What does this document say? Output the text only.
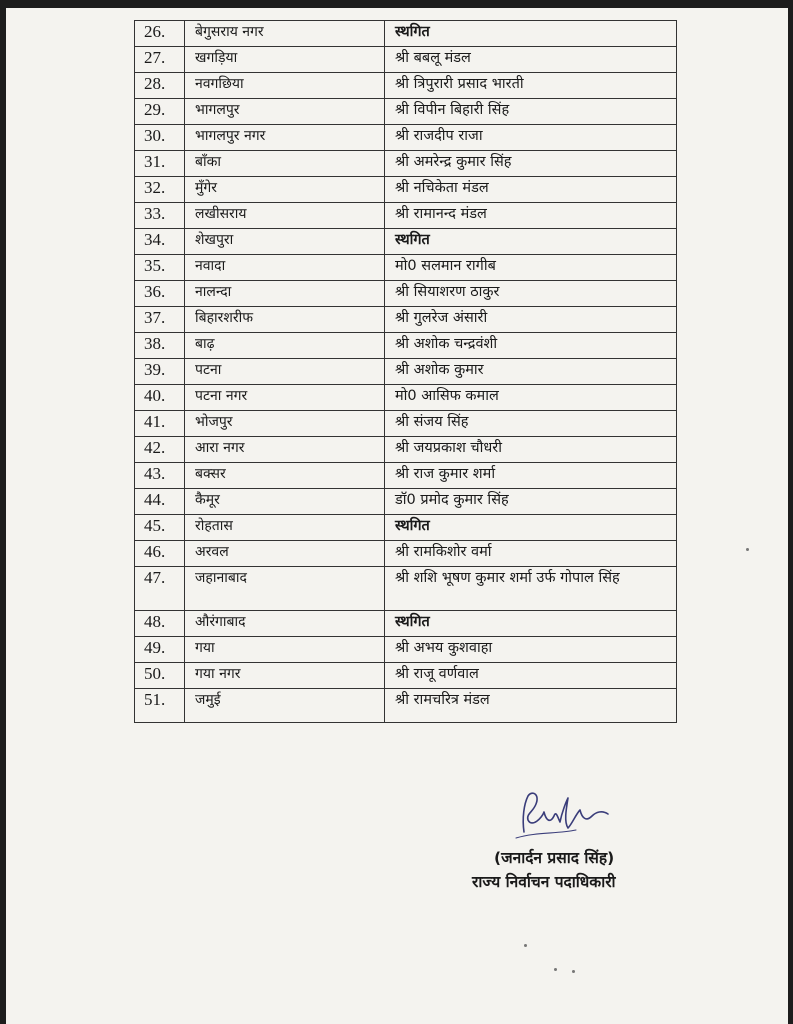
26.	बेगुसराय नगर	स्थगित
27.	खगड़िया	श्री बबलू मंडल
28.	नवगछिया	श्री त्रिपुरारी प्रसाद भारती
29.	भागलपुर	श्री विपीन बिहारी सिंह
30.	भागलपुर नगर	श्री राजदीप राजा
31.	बाँका	श्री अमरेन्द्र कुमार सिंह
32.	मुँगेर	श्री नचिकेता मंडल
33.	लखीसराय	श्री रामानन्द मंडल
34.	शेखपुरा	स्थगित
35.	नवादा	मो0 सलमान रागीब
36.	नालन्दा	श्री सियाशरण ठाकुर
37.	बिहारशरीफ	श्री गुलरेज अंसारी
38.	बाढ़	श्री अशोक चन्द्रवंशी
39.	पटना	श्री अशोक कुमार
40.	पटना नगर	मो0 आसिफ कमाल
41.	भोजपुर	श्री संजय सिंह
42.	आरा नगर	श्री जयप्रकाश चौधरी
43.	बक्सर	श्री राज कुमार शर्मा
44.	कैमूर	डॉ0 प्रमोद कुमार सिंह
45.	रोहतास	स्थगित
46.	अरवल	श्री रामकिशोर वर्मा
47.	जहानाबाद	श्री शशि भूषण कुमार शर्मा उर्फ गोपाल सिंह
48.	औरंगाबाद	स्थगित
49.	गया	श्री अभय कुशवाहा
50.	गया नगर	श्री राजू वर्णवाल
51.	जमुई	श्री रामचरित्र मंडल
(जनार्दन प्रसाद सिंह)
राज्य निर्वाचन पदाधिकारी
